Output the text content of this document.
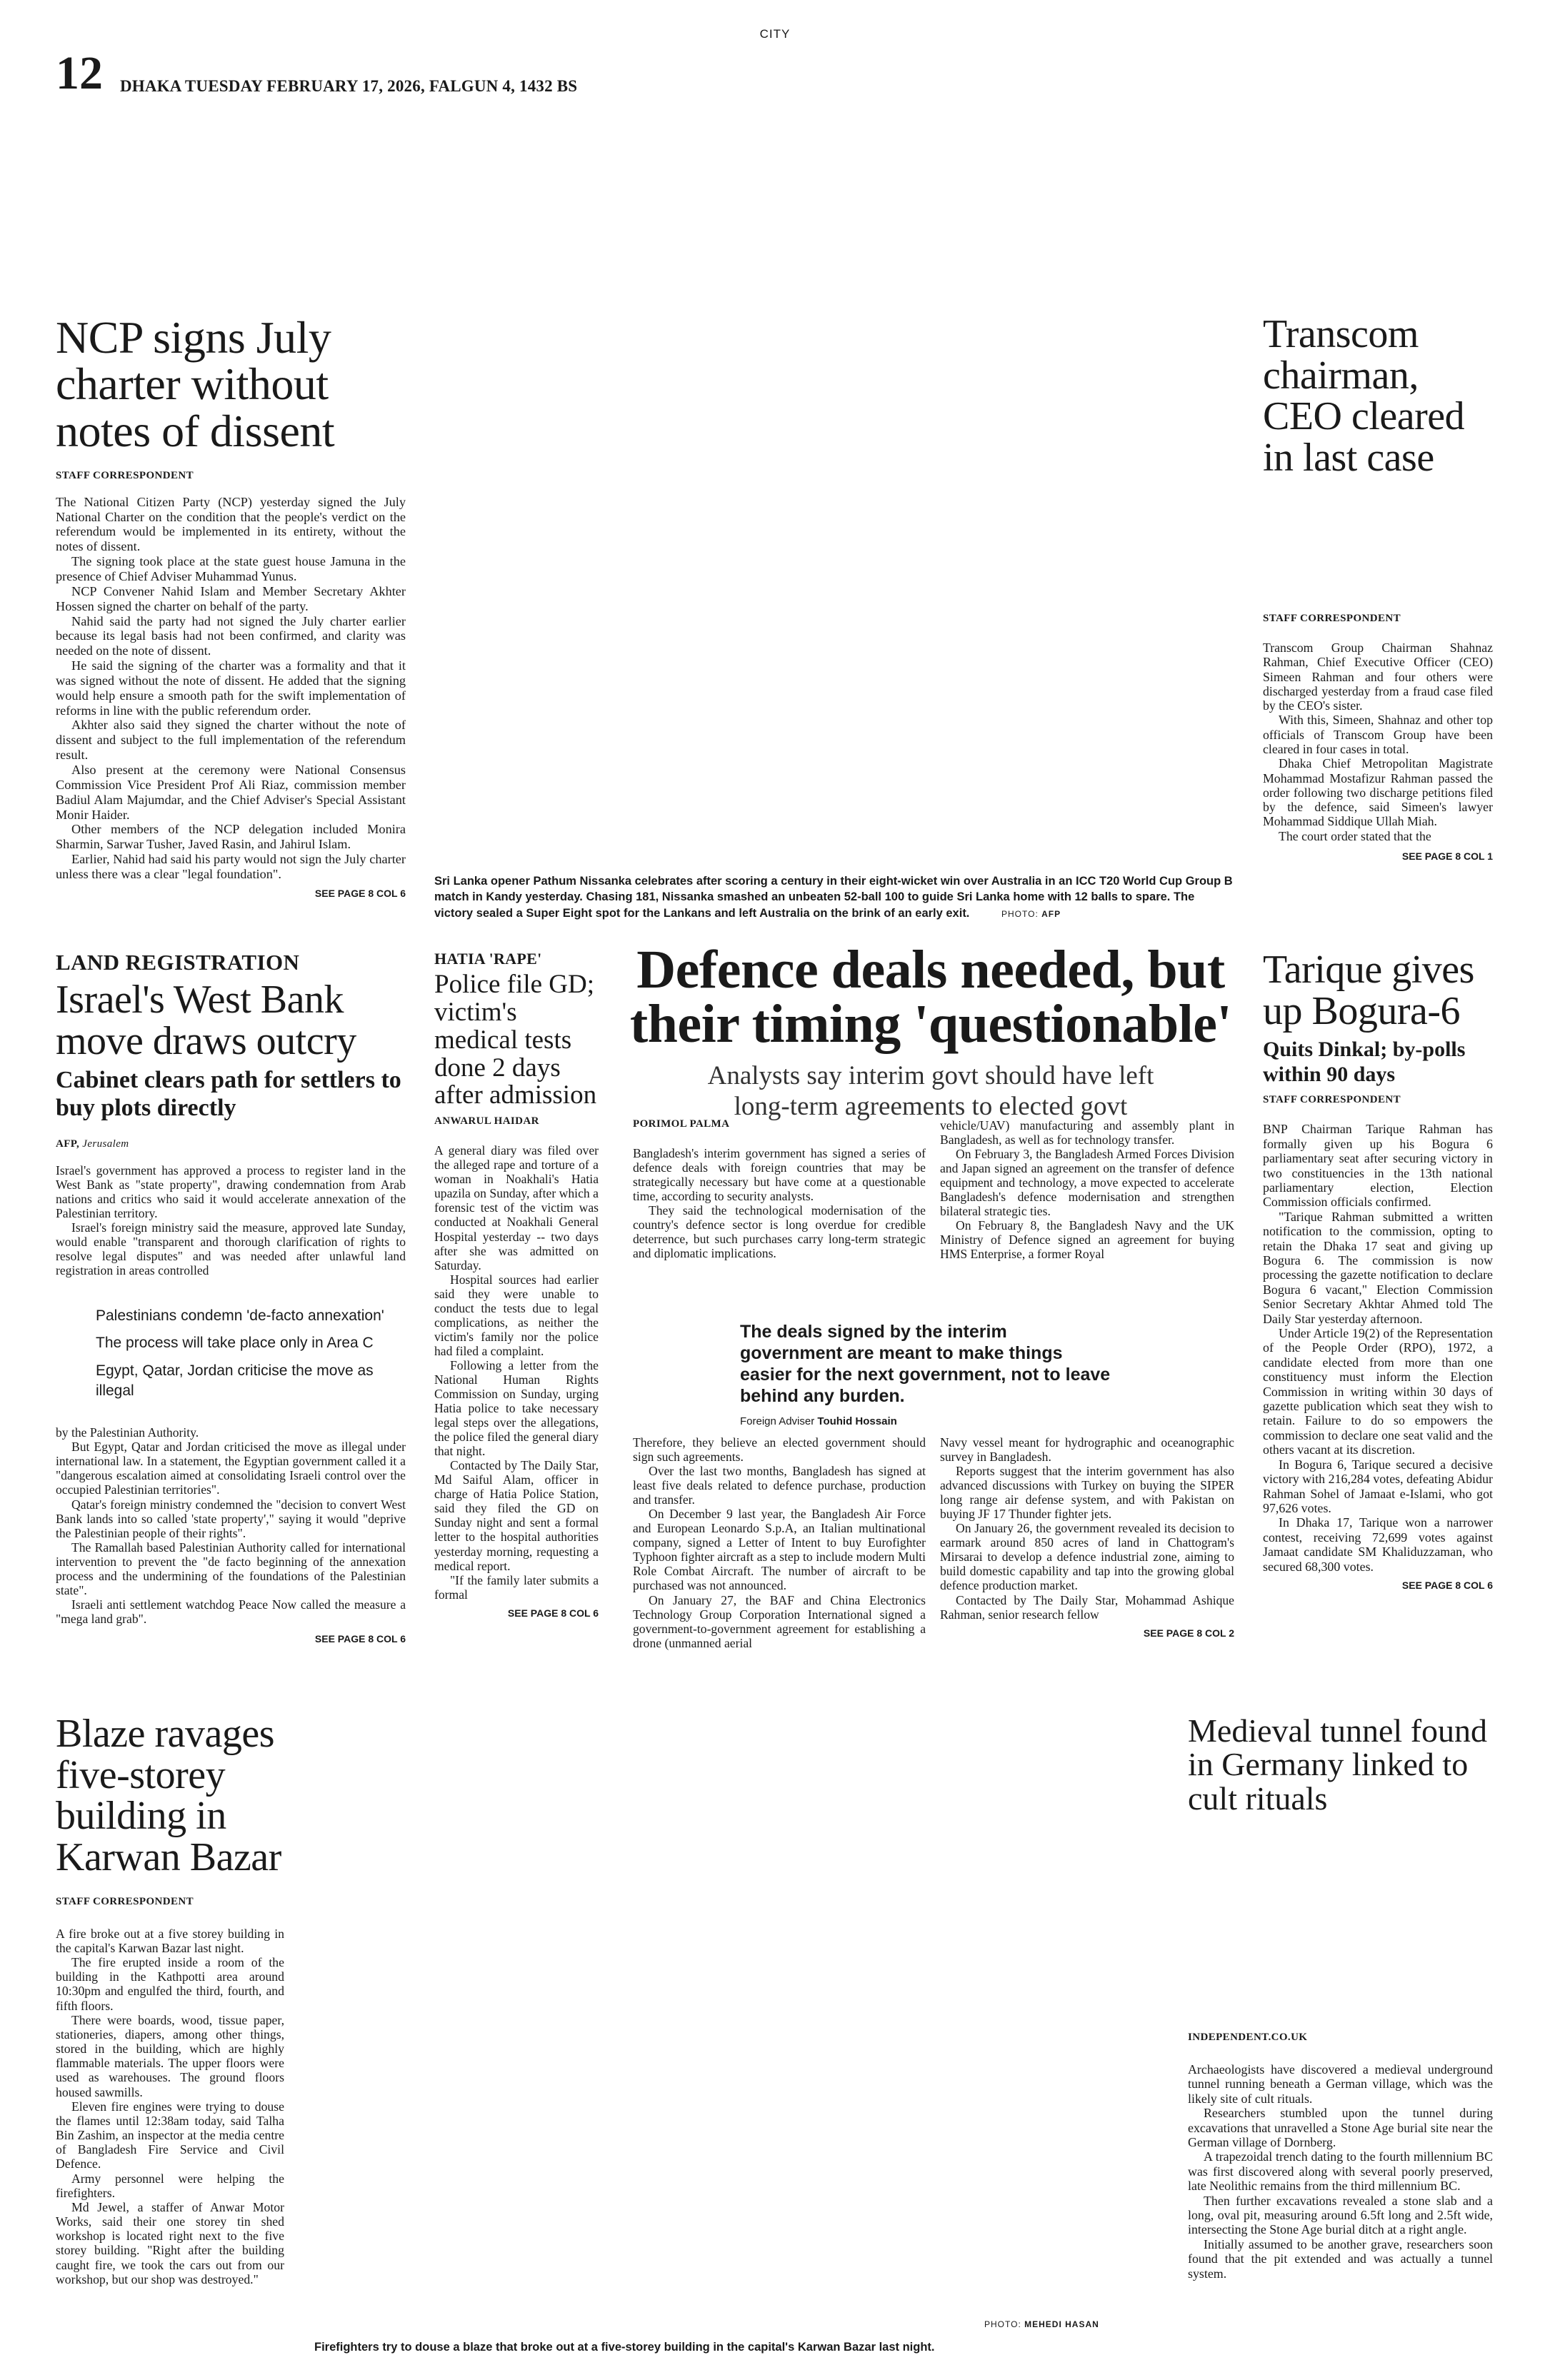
CITY
12 DHAKA TUESDAY FEBRUARY 17, 2026, FALGUN 4, 1432 BS
NCP signs July charter without notes of dissent
STAFF CORRESPONDENT

The National Citizen Party (NCP) yesterday signed the July National Charter on the condition that the people's verdict on the referendum would be implemented in its entirety, without the notes of dissent.

The signing took place at the state guest house Jamuna in the presence of Chief Adviser Muhammad Yunus.

NCP Convener Nahid Islam and Member Secretary Akhter Hossen signed the charter on behalf of the party.

Nahid said the party had not signed the July charter earlier because its legal basis had not been confirmed, and clarity was needed on the note of dissent.

He said the signing of the charter was a formality and that it was signed without the note of dissent. He added that the signing would help ensure a smooth path for the swift implementation of reforms in line with the public referendum order.

Akhter also said they signed the charter without the note of dissent and subject to the full implementation of the referendum result.

Also present at the ceremony were National Consensus Commission Vice President Prof Ali Riaz, commission member Badiul Alam Majumdar, and the Chief Adviser's Special Assistant Monir Haider.

Other members of the NCP delegation included Monira Sharmin, Sarwar Tusher, Javed Rasin, and Jahirul Islam.

Earlier, Nahid had said his party would not sign the July charter unless there was a clear "legal foundation".

SEE PAGE 8 COL 6
Sri Lanka opener Pathum Nissanka celebrates after scoring a century in their eight-wicket win over Australia in an ICC T20 World Cup Group B match in Kandy yesterday. Chasing 181, Nissanka smashed an unbeaten 52-ball 100 to guide Sri Lanka home with 12 balls to spare. The victory sealed a Super Eight spot for the Lankans and left Australia on the brink of an early exit.	PHOTO: AFP
Transcom chairman, CEO cleared in last case
STAFF CORRESPONDENT

Transcom Group Chairman Shahnaz Rahman, Chief Executive Officer (CEO) Simeen Rahman and four others were discharged yesterday from a fraud case filed by the CEO's sister.

With this, Simeen, Shahnaz and other top officials of Transcom Group have been cleared in four cases in total.

Dhaka Chief Metropolitan Magistrate Mohammad Mostafizur Rahman passed the order following two discharge petitions filed by the defence, said Simeen's lawyer Mohammad Siddique Ullah Miah.

The court order stated that the

SEE PAGE 8 COL 1
LAND REGISTRATION
Israel's West Bank move draws outcry
Cabinet clears path for settlers to buy plots directly
AFP, Jerusalem

Israel's government has approved a process to register land in the West Bank as "state property", drawing condemnation from Arab nations and critics who said it would accelerate annexation of the Palestinian territory.

Israel's foreign ministry said the measure, approved late Sunday, would enable "transparent and thorough clarification of rights to resolve legal disputes" and was needed after unlawful land registration in areas controlled

Palestinians condemn 'de-facto annexation'
The process will take place only in Area C
Egypt, Qatar, Jordan criticise the move as illegal

by the Palestinian Authority.

But Egypt, Qatar and Jordan criticised the move as illegal under international law. In a statement, the Egyptian government called it a "dangerous escalation aimed at consolidating Israeli control over the occupied Palestinian territories".

Qatar's foreign ministry condemned the "decision to convert West Bank lands into so called 'state property'," saying it would "deprive the Palestinian people of their rights".

The Ramallah based Palestinian Authority called for international intervention to prevent the "de facto beginning of the annexation process and the undermining of the foundations of the Palestinian state".

Israeli anti settlement watchdog Peace Now called the measure a "mega land grab".

SEE PAGE 8 COL 6
HATIA 'RAPE'
Police file GD; victim's medical tests done 2 days after admission
ANWARUL HAIDAR

A general diary was filed over the alleged rape and torture of a woman in Noakhali's Hatia upazila on Sunday, after which a forensic test of the victim was conducted at Noakhali General Hospital yesterday -- two days after she was admitted on Saturday.

Hospital sources had earlier said they were unable to conduct the tests due to legal complications, as neither the victim's family nor the police had filed a complaint.

Following a letter from the National Human Rights Commission on Sunday, urging Hatia police to take necessary legal steps over the allegations, the police filed the general diary that night.

Contacted by The Daily Star, Md Saiful Alam, officer in charge of Hatia Police Station, said they filed the GD on Sunday night and sent a formal letter to the hospital authorities yesterday morning, requesting a medical report.

"If the family later submits a formal

SEE PAGE 8 COL 6
Defence deals needed, but their timing 'questionable'
Analysts say interim govt should have left long-term agreements to elected govt
PORIMOL PALMA

Bangladesh's interim government has signed a series of defence deals with foreign countries that may be strategically necessary but have come at a questionable time, according to security analysts.

They said the technological modernisation of the country's defence sector is long overdue for credible deterrence, but such purchases carry long-term strategic and diplomatic implications.

vehicle/UAV) manufacturing and assembly plant in Bangladesh, as well as for technology transfer.

On February 3, the Bangladesh Armed Forces Division and Japan signed an agreement on the transfer of defence equipment and technology, a move expected to accelerate Bangladesh's defence modernisation and strengthen bilateral strategic ties.

On February 8, the Bangladesh Navy and the UK Ministry of Defence signed an agreement for buying HMS Enterprise, a former Royal

The deals signed by the interim government are meant to make things easier for the next government, not to leave behind any burden.
Foreign Adviser Touhid Hossain

Therefore, they believe an elected government should sign such agreements.

Over the last two months, Bangladesh has signed at least five deals related to defence purchase, production and transfer.

On December 9 last year, the Bangladesh Air Force and European Leonardo S.p.A, an Italian multinational company, signed a Letter of Intent to buy Eurofighter Typhoon fighter aircraft as a step to include modern Multi Role Combat Aircraft. The number of aircraft to be purchased was not announced.

On January 27, the BAF and China Electronics Technology Group Corporation International signed a government-to-government agreement for establishing a drone (unmanned aerial

Navy vessel meant for hydrographic and oceanographic survey in Bangladesh.

Reports suggest that the interim government has also advanced discussions with Turkey on buying the SIPER long range air defense system, and with Pakistan on buying JF 17 Thunder fighter jets.

On January 26, the government revealed its decision to earmark around 850 acres of land in Chattogram's Mirsarai to develop a defence industrial zone, aiming to build domestic capability and tap into the growing global defence production market.

Contacted by The Daily Star, Mohammad Ashique Rahman, senior research fellow

SEE PAGE 8 COL 2
Tarique gives up Bogura-6
Quits Dinkal; by-polls within 90 days
STAFF CORRESPONDENT

BNP Chairman Tarique Rahman has formally given up his Bogura 6 parliamentary seat after securing victory in two constituencies in the 13th national parliamentary election, Election Commission officials confirmed.

"Tarique Rahman submitted a written notification to the commission, opting to retain the Dhaka 17 seat and giving up Bogura 6. The commission is now processing the gazette notification to declare Bogura 6 vacant," Election Commission Senior Secretary Akhtar Ahmed told The Daily Star yesterday afternoon.

Under Article 19(2) of the Representation of the People Order (RPO), 1972, a candidate elected from more than one constituency must inform the Election Commission in writing within 30 days of gazette publication which seat they wish to retain. Failure to do so empowers the commission to declare one seat valid and the others vacant at its discretion.

In Bogura 6, Tarique secured a decisive victory with 216,284 votes, defeating Abidur Rahman Sohel of Jamaat e-Islami, who got 97,626 votes.

In Dhaka 17, Tarique won a narrower contest, receiving 72,699 votes against Jamaat candidate SM Khaliduzzaman, who secured 68,300 votes.

SEE PAGE 8 COL 6
Blaze ravages five-storey building in Karwan Bazar
STAFF CORRESPONDENT

A fire broke out at a five storey building in the capital's Karwan Bazar last night.

The fire erupted inside a room of the building in the Kathpotti area around 10:30pm and engulfed the third, fourth, and fifth floors.

There were boards, wood, tissue paper, stationeries, diapers, among other things, stored in the building, which are highly flammable materials. The upper floors were used as warehouses. The ground floors housed sawmills.

Eleven fire engines were trying to douse the flames until 12:38am today, said Talha Bin Zashim, an inspector at the media centre of Bangladesh Fire Service and Civil Defence.

Army personnel were helping the firefighters.

Md Jewel, a staffer of Anwar Motor Works, said their one storey tin shed workshop is located right next to the five storey building. "Right after the building caught fire, we took the cars out from our workshop, but our shop was destroyed."

PHOTO: MEHEDI HASAN
Firefighters try to douse a blaze that broke out at a five-storey building in the capital's Karwan Bazar last night.
Medieval tunnel found in Germany linked to cult rituals
INDEPENDENT.CO.UK

Archaeologists have discovered a medieval underground tunnel running beneath a German village, which was the likely site of cult rituals.

Researchers stumbled upon the tunnel during excavations that unravelled a Stone Age burial site near the German village of Dornberg.

A trapezoidal trench dating to the fourth millennium BC was first discovered along with several poorly preserved, late Neolithic remains from the third millennium BC.

Then further excavations revealed a stone slab and a long, oval pit, measuring around 6.5ft long and 2.5ft wide, intersecting the Stone Age burial ditch at a right angle.

Initially assumed to be another grave, researchers soon found that the pit extended and was actually a tunnel system.
